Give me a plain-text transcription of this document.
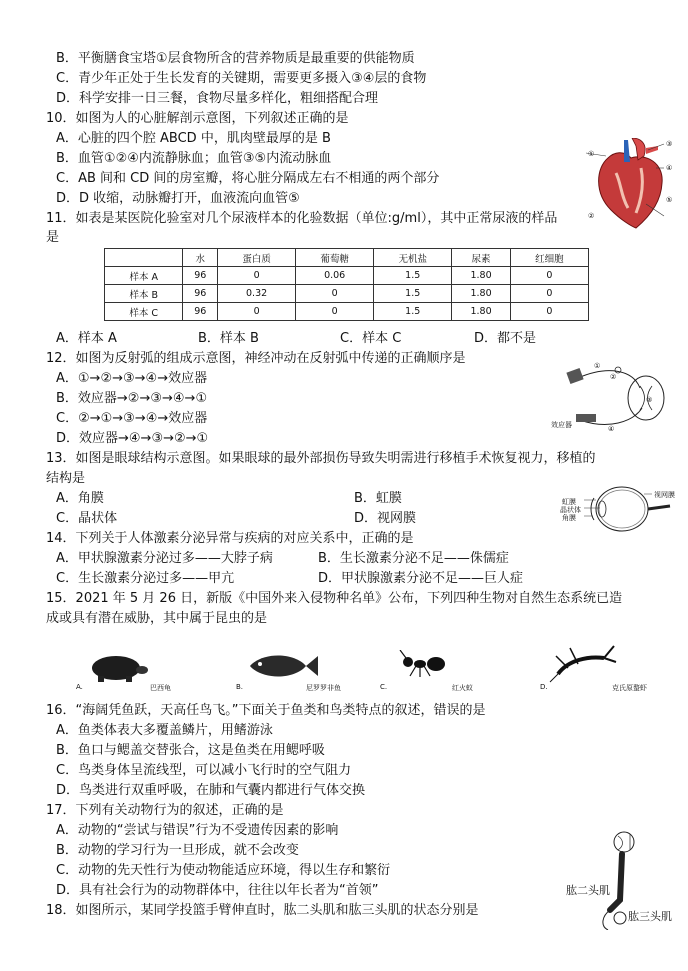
B．平衡膳食宝塔①层食物所含的营养物质是最重要的供能物质
C．青少年正处于生长发育的关键期，需要更多摄入③④层的食物
D．科学安排一日三餐，食物尽量多样化，粗细搭配合理
10．如图为人的心脏解剖示意图，下列叙述正确的是
A．心脏的四个腔 ABCD 中，肌肉壁最厚的是 B
B．血管①②④内流静脉血；血管③⑤内流动脉血
C．AB 间和 CD 间的房室瓣，将心脏分隔成左右不相通的两个部分
D．D 收缩，动脉瓣打开，血液流向血管⑤
11．如表是某医院化验室对几个尿液样本的化验数据（单位:g/ml），其中正常尿液的样品
是
①
③
④
⑤
②
	水	蛋白质	葡萄糖	无机盐	尿素	红细胞
样本 A	96	0	0.06	1.5	1.80	0
样本 B	96	0.32	0	1.5	1.80	0
样本 C	96	0	0	1.5	1.80	0
A．样本 A	B．样本 B	C．样本 C	D．都不是
12．如图为反射弧的组成示意图，神经冲动在反射弧中传递的正确顺序是
A．①→②→③→④→效应器
B．效应器→②→③→④→①
C．②→①→③→④→效应器
D．效应器→④→③→②→①
效应器
①
②
③
④
13．如图是眼球结构示意图。如果眼球的最外部损伤导致失明需进行移植手术恢复视力，移植的
结构是
A．角膜	B．虹膜
C．晶状体	D．视网膜
虹膜
晶状体
角膜
视网膜
14．下列关于人体激素分泌异常与疾病的对应关系中，正确的是
A．甲状腺激素分泌过多——大脖子病	B．生长激素分泌不足——侏儒症
C．生长激素分泌过多——甲亢	D．甲状腺激素分泌不足——巨人症
15．2021 年 5 月 26 日，新版《中国外来入侵物种名单》公布，下列四种生物对自然生态系统已造
成或具有潜在威胁，其中属于昆虫的是
A.	巴西龟	B.	尼罗罗非鱼	C.	红火蚁	D.	克氏原螯虾
16．“海阔凭鱼跃，天高任鸟飞。”下面关于鱼类和鸟类特点的叙述，错误的是
A．鱼类体表大多覆盖鳞片，用鳍游泳
B．鱼口与鳃盖交替张合，这是鱼类在用鳃呼吸
C．鸟类身体呈流线型，可以减小飞行时的空气阻力
D．鸟类进行双重呼吸，在肺和气囊内都进行气体交换
17．下列有关动物行为的叙述，正确的是
A．动物的“尝试与错误”行为不受遗传因素的影响
B．动物的学习行为一旦形成，就不会改变
C．动物的先天性行为使动物能适应环境，得以生存和繁衍
D．具有社会行为的动物群体中，往往以年长者为“首领”
18．如图所示，某同学投篮手臂伸直时，肱二头肌和肱三头肌的状态分别是
肱二头肌
肱三头肌
